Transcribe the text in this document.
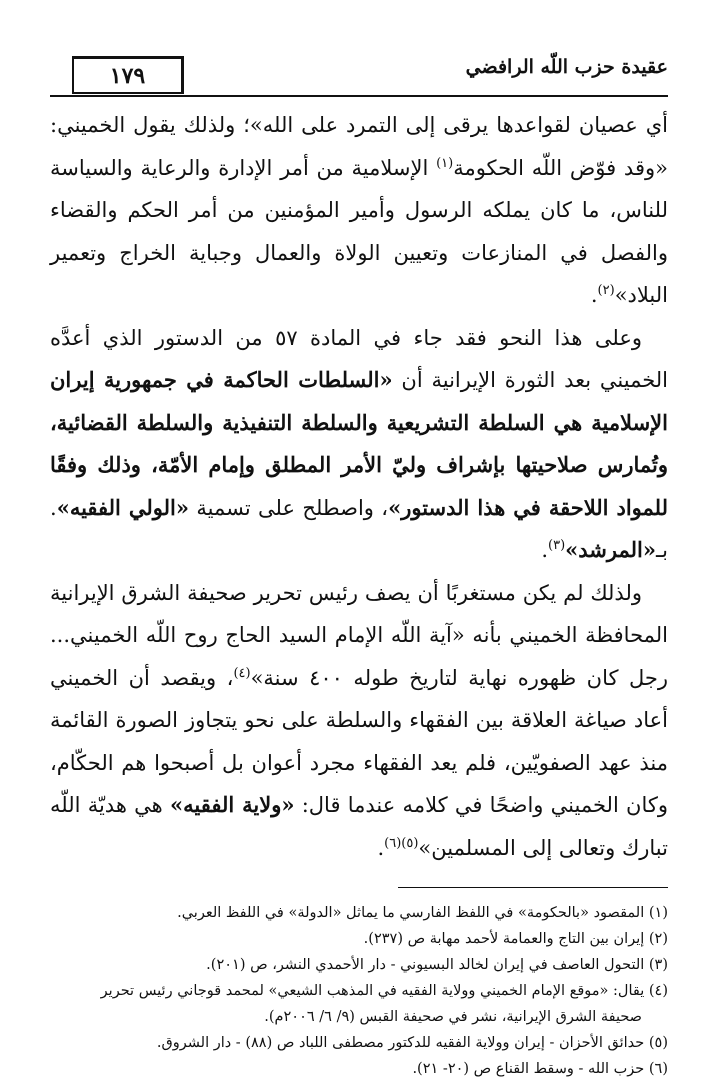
عقيدة حزب اللّه الرافضي
١٧٩

أي عصيان لقواعدها يرقى إلى التمرد على الله»؛ ولذلك يقول الخميني: «وقد فوّض اللّه الحكومة$^{(١)}$ الإسلامية من أمر الإدارة والرعاية والسياسة للناس، ما كان يملكه الرسول وأمير المؤمنين من أمر الحكم والقضاء والفصل في المنازعات وتعيين الولاة والعمال وجباية الخراج وتعمير البلاد»$^{(٢)}$.

وعلى هذا النحو فقد جاء في المادة ٥٧ من الدستور الذي أعدَّه الخميني بعد الثورة الإيرانية أن «السلطات الحاكمة في جمهورية إيران الإسلامية هي السلطة التشريعية والسلطة التنفيذية والسلطة القضائية، وتُمارس صلاحيتها بإشراف وليّ الأمر المطلق وإمام الأمّة، وذلك وفقًا للمواد اللاحقة في هذا الدستور»، واصطلح على تسمية «الولي الفقيه». بـ«المرشد»$^{(٣)}$.

ولذلك لم يكن مستغربًا أن يصف رئيس تحرير صحيفة الشرق الإيرانية المحافظة الخميني بأنه «آية اللّه الإمام السيد الحاج روح اللّه الخميني... رجل كان ظهوره نهاية لتاريخ طوله ٤٠٠ سنة»$^{(٤)}$، ويقصد أن الخميني أعاد صياغة العلاقة بين الفقهاء والسلطة على نحو يتجاوز الصورة القائمة منذ عهد الصفويّين، فلم يعد الفقهاء مجرد أعوان بل أصبحوا هم الحكّام، وكان الخميني واضحًا في كلامه عندما قال: «ولاية الفقيه» هي هديّة اللّه تبارك وتعالى إلى المسلمين»$^{(٥)(٦)}$.

(١) المقصود «بالحكومة» في اللفظ الفارسي ما يماثل «الدولة» في اللفظ العربي.

(٢) إيران بين التاج والعمامة لأحمد مهابة ص (٢٣٧).

(٣) التحول العاصف في إيران لخالد البسيوني - دار الأحمدي النشر، ص (٢٠١).

(٤) يقال: «موقع الإمام الخميني وولاية الفقيه في المذهب الشيعي» لمحمد قوجاني رئيس تحرير

صحيفة الشرق الإيرانية، نشر في صحيفة القبس (٩/ ٦/ ٢٠٠٦م).

(٥) حدائق الأحزان - إيران وولاية الفقيه للدكتور مصطفى اللباد ص (٨٨) - دار الشروق.

(٦) حزب الله - وسقط القناع ص (٢٠- ٢١).
